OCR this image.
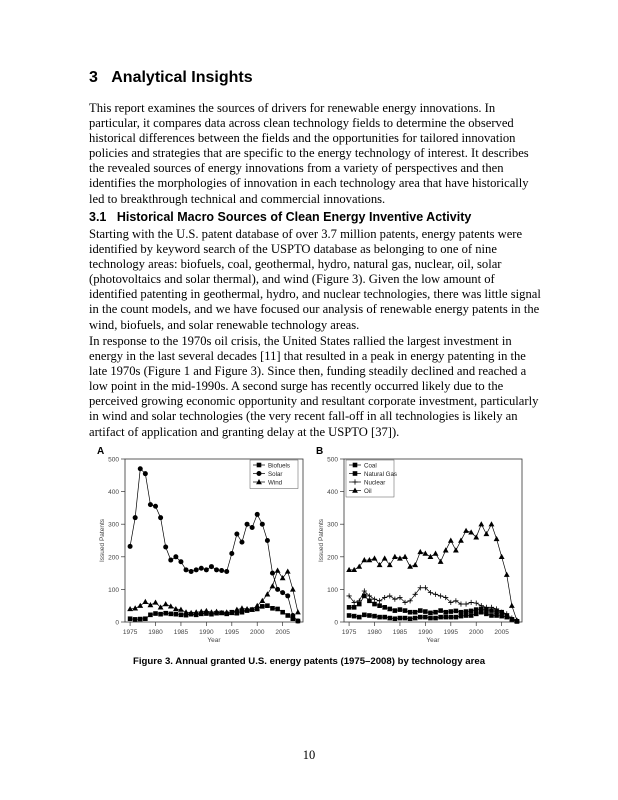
3 Analytical Insights

This report examines the sources of drivers for renewable energy innovations. In
particular, it compares data across clean technology fields to determine the observed
historical differences between the fields and the opportunities for tailored innovation
policies and strategies that are specific to the energy technology of interest. It describes
the revealed sources of energy innovations from a variety of perspectives and then
identifies the morphologies of innovation in each technology area that have historically
led to breakthrough technical and commercial innovations.

3.1 Historical Macro Sources of Clean Energy Inventive Activity

Starting with the U.S. patent database of over 3.7 million patents, energy patents were
identified by keyword search of the USPTO database as belonging to one of nine
technology areas: biofuels, coal, geothermal, hydro, natural gas, nuclear, oil, solar
(photovoltaics and solar thermal), and wind (Figure 3). Given the low amount of
identified patenting in geothermal, hydro, and nuclear technologies, there was little signal
in the count models, and we have focused our analysis of renewable energy patents in the
wind, biofuels, and solar renewable technology areas.

In response to the 1970s oil crisis, the United States rallied the largest investment in
energy in the last several decades [11] that resulted in a peak in energy patenting in the
late 1970s (Figure 1 and Figure 3). Since then, funding steadily declined and reached a
low point in the mid-1990s. A second surge has recently occurred likely due to the
perceived growing economic opportunity and resultant corporate investment, particularly
in wind and solar technologies (the very recent fall-off in all technologies is likely an
artifact of application and granting delay at the USPTO [37]).

A
0
100
200
300
400
500
1975 1980 1985 1990 1995 2000 2005
Year
Issued Patents
Biofuels
Solar
Wind
B
0
100
200
300
400
500
1975 1980 1985 1990 1995 2000 2005
Year
Issued Patents
Coal
Natural Gas
Nuclear
Oil

Figure 3. Annual granted U.S. energy patents (1975–2008) by technology area

10
